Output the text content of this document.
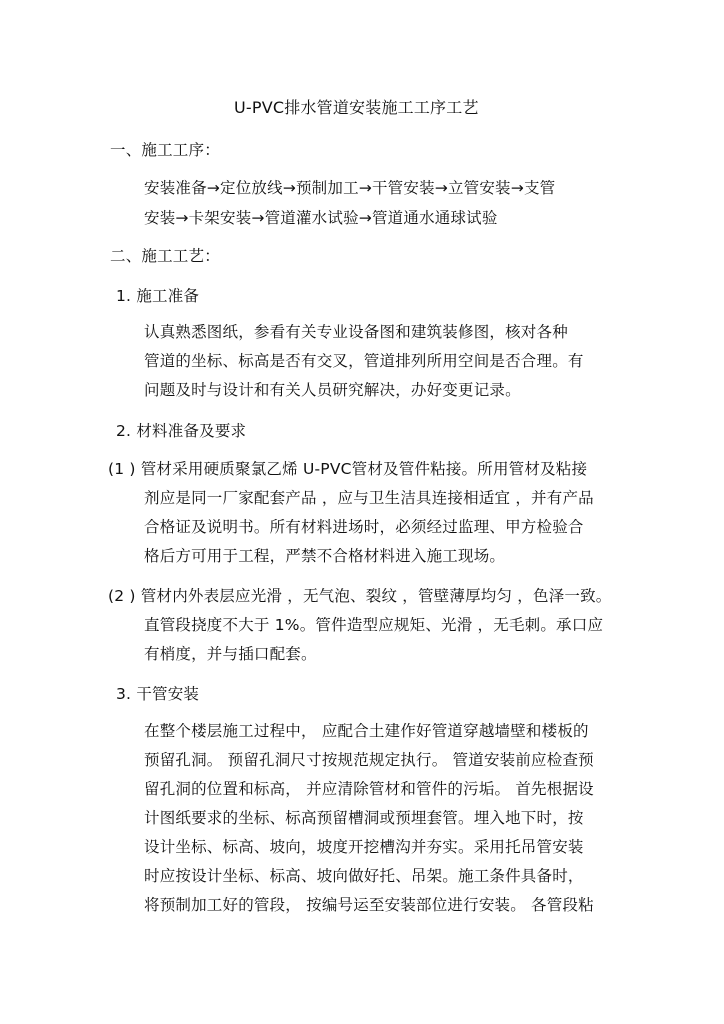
U-PVC排水管道安装施工工序工艺
一、施工工序：
安装准备→定位放线→预制加工→干管安装→立管安装→支管
安装→卡架安装→管道灌水试验→管道通水通球试验
二、施工工艺：
1. 施工准备
认真熟悉图纸，参看有关专业设备图和建筑装修图，核对各种
管道的坐标、标高是否有交叉，管道排列所用空间是否合理。有
问题及时与设计和有关人员研究解决，办好变更记录。
2. 材料准备及要求
(1 ) 管材采用硬质聚氯乙烯 U-PVC管材及管件粘接。所用管材及粘接
剂应是同一厂家配套产品 ，应与卫生洁具连接相适宜 ，并有产品
合格证及说明书。所有材料进场时，必须经过监理、甲方检验合
格后方可用于工程，严禁不合格材料进入施工现场。
(2 ) 管材内外表层应光滑 ，无气泡、裂纹 ，管壁薄厚均匀 ，色泽一致。
直管段挠度不大于 1%。管件造型应规矩、光滑 ，无毛刺。承口应
有梢度，并与插口配套。
3. 干管安装
在整个楼层施工过程中， 应配合土建作好管道穿越墙壁和楼板的
预留孔洞。 预留孔洞尺寸按规范规定执行。 管道安装前应检查预
留孔洞的位置和标高， 并应清除管材和管件的污垢。 首先根据设
计图纸要求的坐标、标高预留槽洞或预埋套管。埋入地下时，按
设计坐标、标高、坡向，坡度开挖槽沟并夯实。采用托吊管安装
时应按设计坐标、标高、坡向做好托、吊架。施工条件具备时，
将预制加工好的管段， 按编号运至安装部位进行安装。 各管段粘
